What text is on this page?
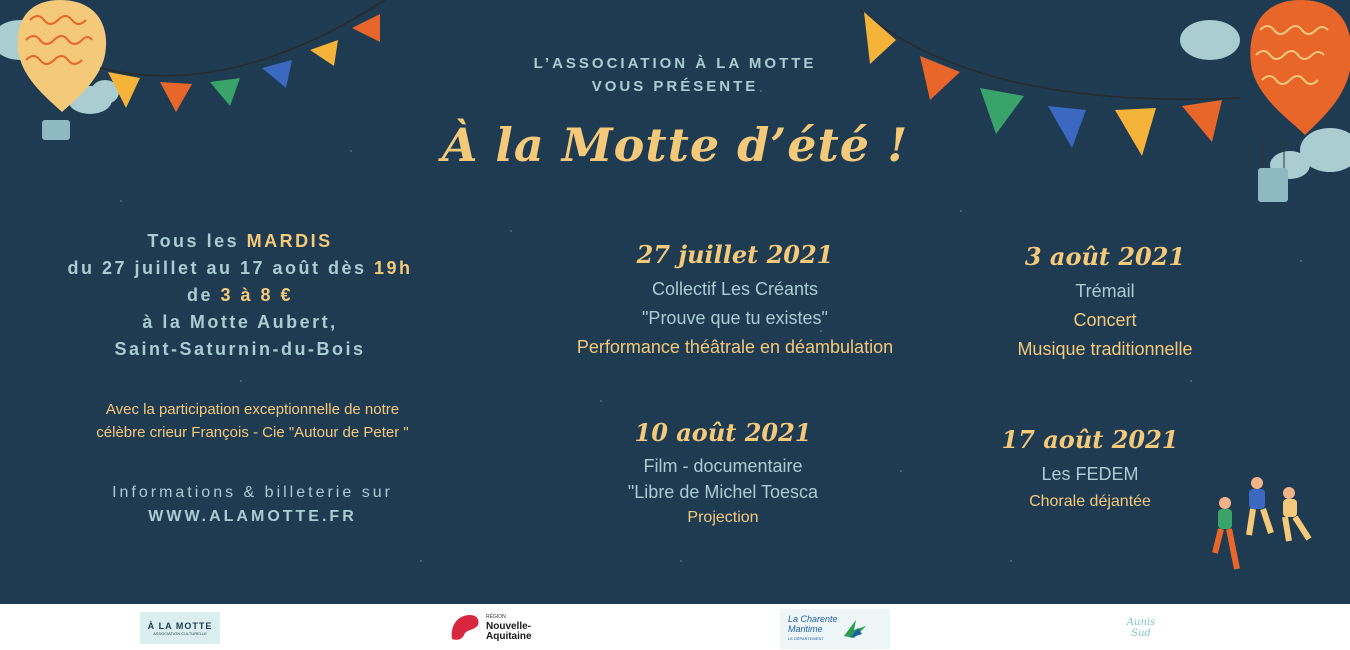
L’ASSOCIATION À LA MOTTE
VOUS PRÉSENTE
À la Motte d’été !
Tous les MARDIS
du 27 juillet au 17 août dès 19h
de 3 à 8 €
à la Motte Aubert,
Saint-Saturnin-du-Bois
Avec la participation exceptionnelle de notre
célèbre crieur François - Cie "Autour de Peter "
Informations & billeterie sur
WWW.ALAMOTTE.FR
27 juillet 2021
Collectif Les Créants
"Prouve que tu existes"
Performance théâtrale en déambulation
3 août 2021
Trémail
Concert
Musique traditionnelle
10 août 2021
Film - documentaire
"Libre de Michel Toesca
Projection
17 août 2021
Les FEDEM
Chorale déjantée
À LA MOTTE
ASSOCIATION CULTURELLE
RÉGION
Nouvelle-
Aquitaine
La Charente
Maritime
LE DÉPARTEMENT
Aunis Sud
